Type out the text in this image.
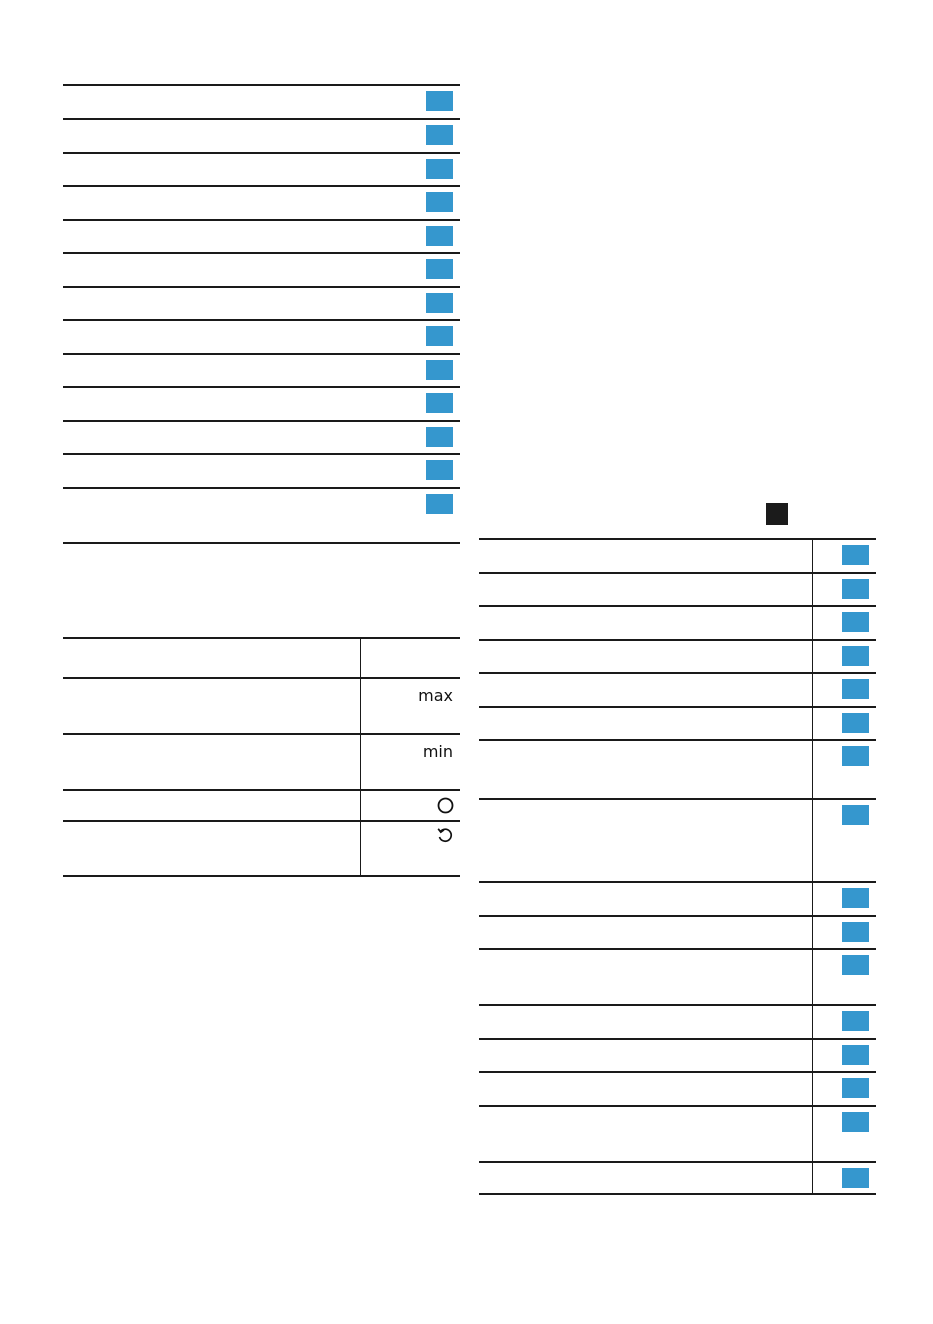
max
min
